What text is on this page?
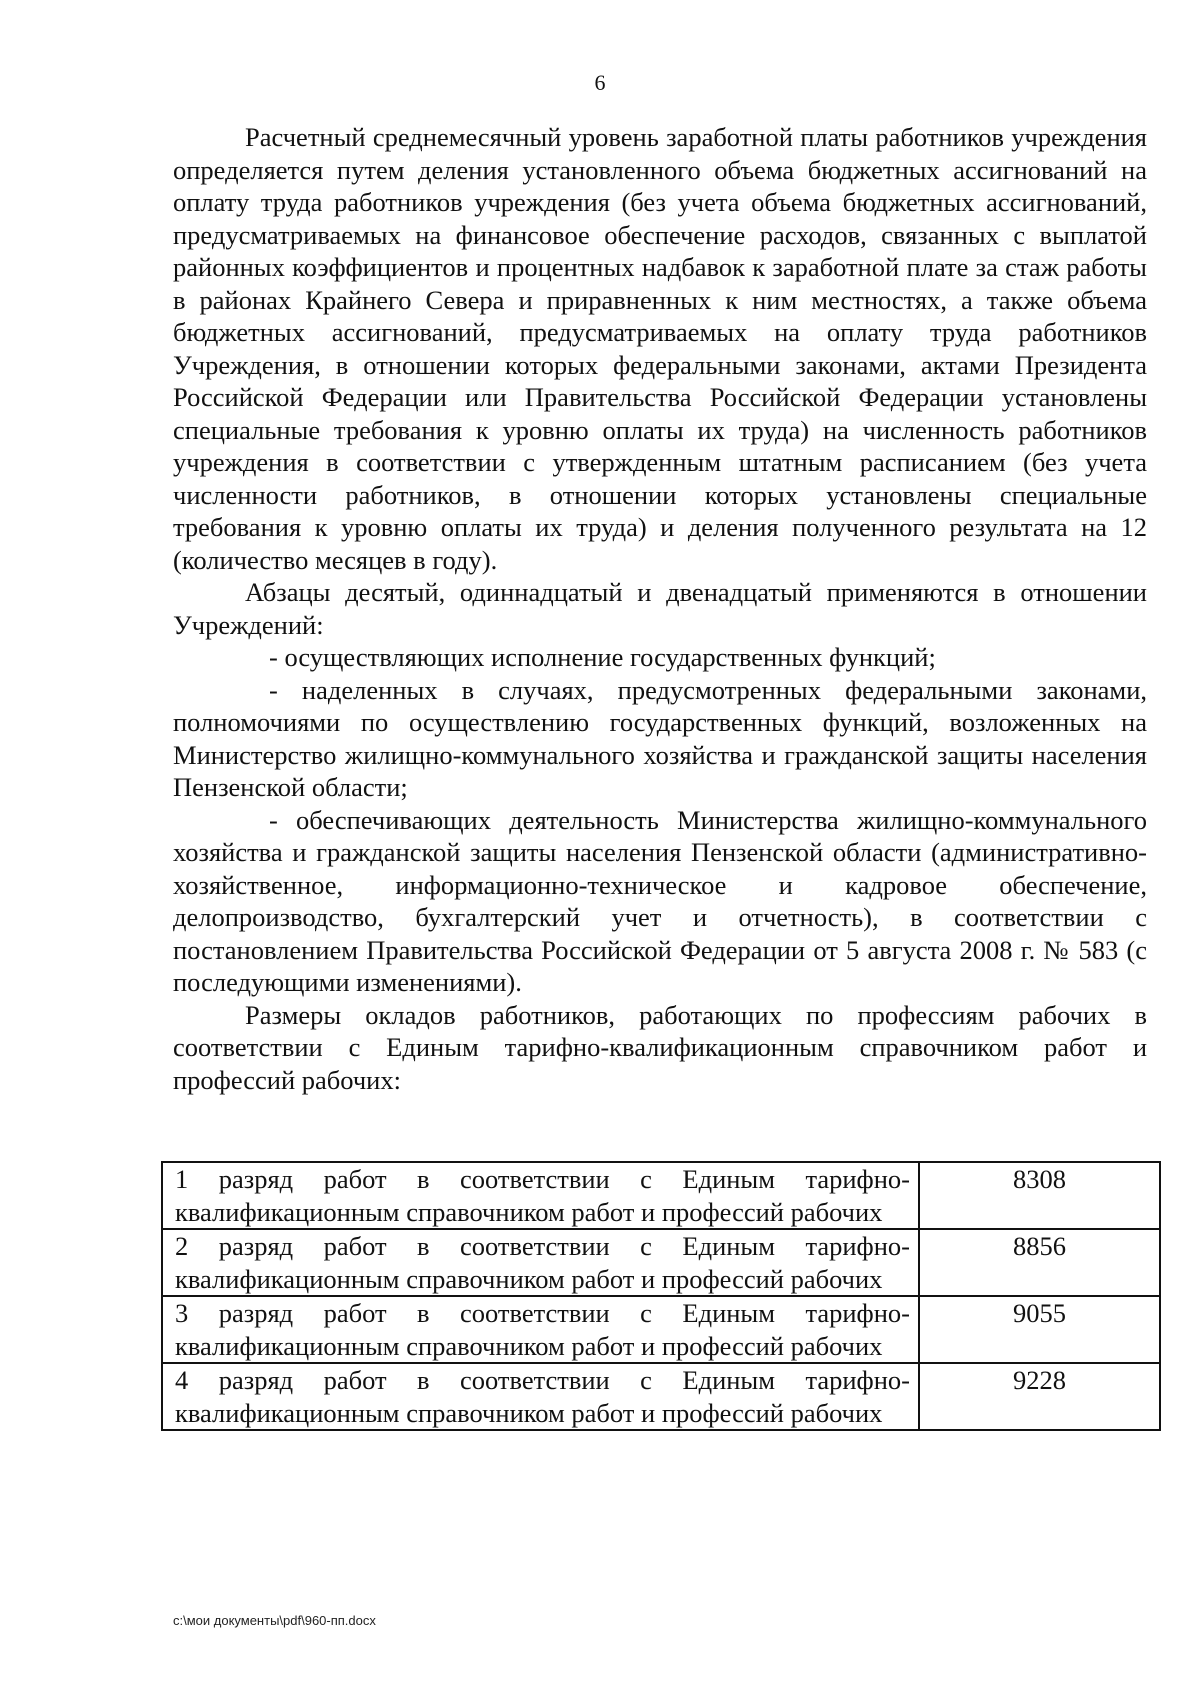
6

Расчетный среднемесячный уровень заработной платы работников учреждения определяется путем деления установленного объема бюджетных ассигнований на оплату труда работников учреждения (без учета объема бюджетных ассигнований, предусматриваемых на финансовое обеспечение расходов, связанных с выплатой районных коэффициентов и процентных надбавок к заработной плате за стаж работы в районах Крайнего Севера и приравненных к ним местностях, а также объема бюджетных ассигнований, предусматриваемых на оплату труда работников Учреждения, в отношении которых федеральными законами, актами Президента Российской Федерации или Правительства Российской Федерации установлены специальные требования к уровню оплаты их труда) на численность работников учреждения в соответствии с утвержденным штатным расписанием (без учета численности работников, в отношении которых установлены специальные требования к уровню оплаты их труда) и деления полученного результата на 12 (количество месяцев в году).

Абзацы десятый, одиннадцатый и двенадцатый применяются в отношении Учреждений:

- осуществляющих исполнение государственных функций;

- наделенных в случаях, предусмотренных федеральными законами, полномочиями по осуществлению государственных функций, возложенных на Министерство жилищно-коммунального хозяйства и гражданской защиты населения Пензенской области;

- обеспечивающих деятельность Министерства жилищно-коммунального хозяйства и гражданской защиты населения Пензенской области (административно-хозяйственное, информационно-техническое и кадровое обеспечение, делопроизводство, бухгалтерский учет и отчетность), в соответствии с постановлением Правительства Российской Федерации от 5 августа 2008 г. № 583 (с последующими изменениями).

Размеры окладов работников, работающих по профессиям рабочих в соответствии с Единым тарифно-квалификационным справочником работ и профессий рабочих:

1 разряд работ в соответствии с Единым тарифно-квалификационным справочником работ и профессий рабочих	8308
2 разряд работ в соответствии с Единым тарифно-квалификационным справочником работ и профессий рабочих	8856
3 разряд работ в соответствии с Единым тарифно-квалификационным справочником работ и профессий рабочих	9055
4 разряд работ в соответствии с Единым тарифно-квалификационным справочником работ и профессий рабочих	9228
c:\мои документы\pdf\960-пп.docx
